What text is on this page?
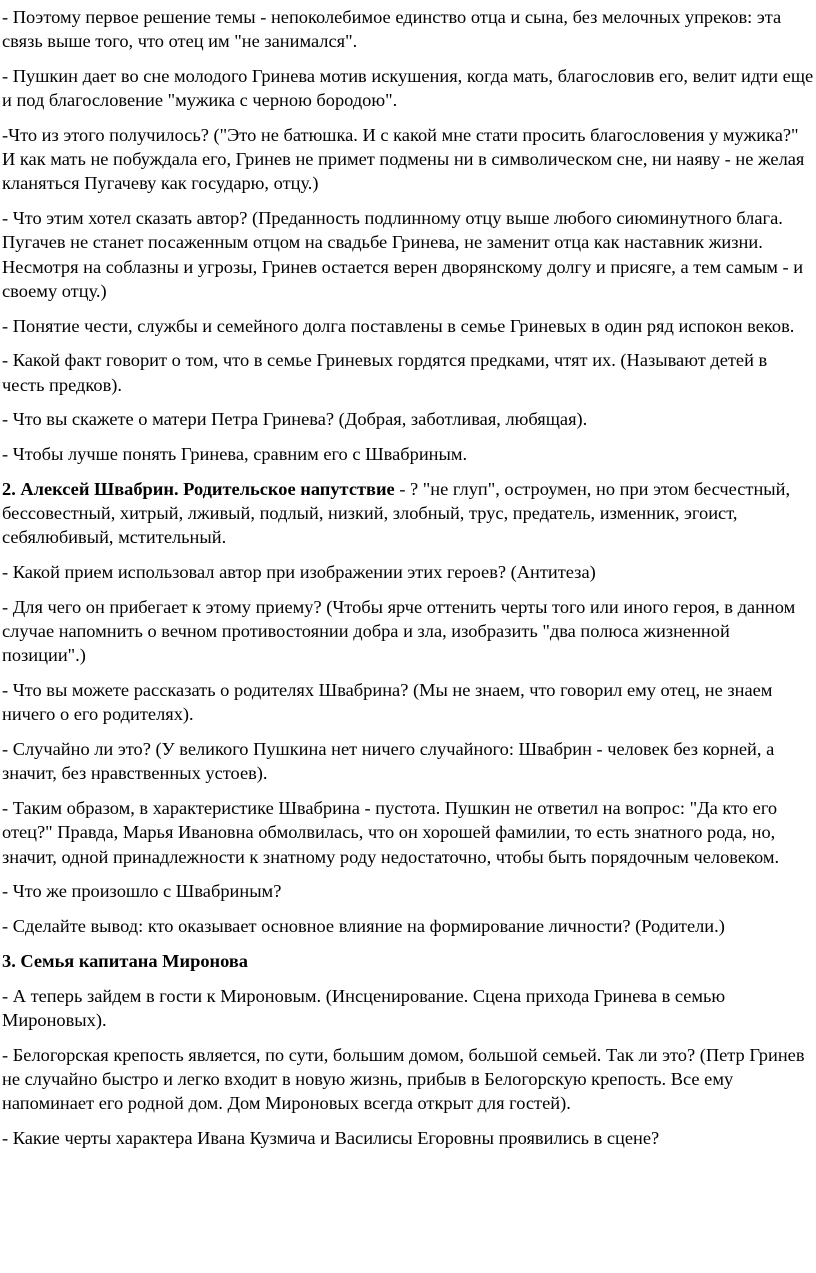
- Поэтому первое решение темы - непоколебимое единство отца и сына, без мелочных упреков: эта связь выше того, что отец им "не занимался".

- Пушкин дает во сне молодого Гринева мотив искушения, когда мать, благословив его, велит идти еще и под благословение "мужика с черною бородою".

-Что из этого получилось? ("Это не батюшка. И с какой мне стати просить благословения у мужика?" И как мать не побуждала его, Гринев не примет подмены ни в символическом сне, ни наяву - не желая кланяться Пугачеву как государю, отцу.)

- Что этим хотел сказать автор? (Преданность подлинному отцу выше любого сиюминутного блага. Пугачев не станет посаженным отцом на свадьбе Гринева, не заменит отца как наставник жизни. Несмотря на соблазны и угрозы, Гринев остается верен дворянскому долгу и присяге, а тем самым - и своему отцу.)

- Понятие чести, службы и семейного долга поставлены в семье Гриневых в один ряд испокон веков.

- Какой факт говорит о том, что в семье Гриневых гордятся предками, чтят их. (Называют детей в честь предков).

- Что вы скажете о матери Петра Гринева? (Добрая, заботливая, любящая).

- Чтобы лучше понять Гринева, сравним его с Швабриным.

2. Алексей Швабрин. Родительское напутствие - ? "не глуп", остроумен, но при этом бесчестный, бессовестный, хитрый, лживый, подлый, низкий, злобный, трус, предатель, изменник, эгоист, себялюбивый, мстительный.

- Какой прием использовал автор при изображении этих героев? (Антитеза)

- Для чего он прибегает к этому приему? (Чтобы ярче оттенить черты того или иного героя, в данном случае напомнить о вечном противостоянии добра и зла, изобразить "два полюса жизненной позиции".)

- Что вы можете рассказать о родителях Швабрина? (Мы не знаем, что говорил ему отец, не знаем ничего о его родителях).

- Случайно ли это? (У великого Пушкина нет ничего случайного: Швабрин - человек без корней, а значит, без нравственных устоев).

- Таким образом, в характеристике Швабрина - пустота. Пушкин не ответил на вопрос: "Да кто его отец?" Правда, Марья Ивановна обмолвилась, что он хорошей фамилии, то есть знатного рода, но, значит, одной принадлежности к знатному роду недостаточно, чтобы быть порядочным человеком.

- Что же произошло с Швабриным?

- Сделайте вывод: кто оказывает основное влияние на формирование личности? (Родители.)

3. Семья капитана Миронова

- А теперь зайдем в гости к Мироновым. (Инсценирование. Сцена прихода Гринева в семью Мироновых).

- Белогорская крепость является, по сути, большим домом, большой семьей. Так ли это? (Петр Гринев не случайно быстро и легко входит в новую жизнь, прибыв в Белогорскую крепость. Все ему напоминает его родной дом. Дом Мироновых всегда открыт для гостей).

- Какие черты характера Ивана Кузмича и Василисы Егоровны проявились в сцене?
